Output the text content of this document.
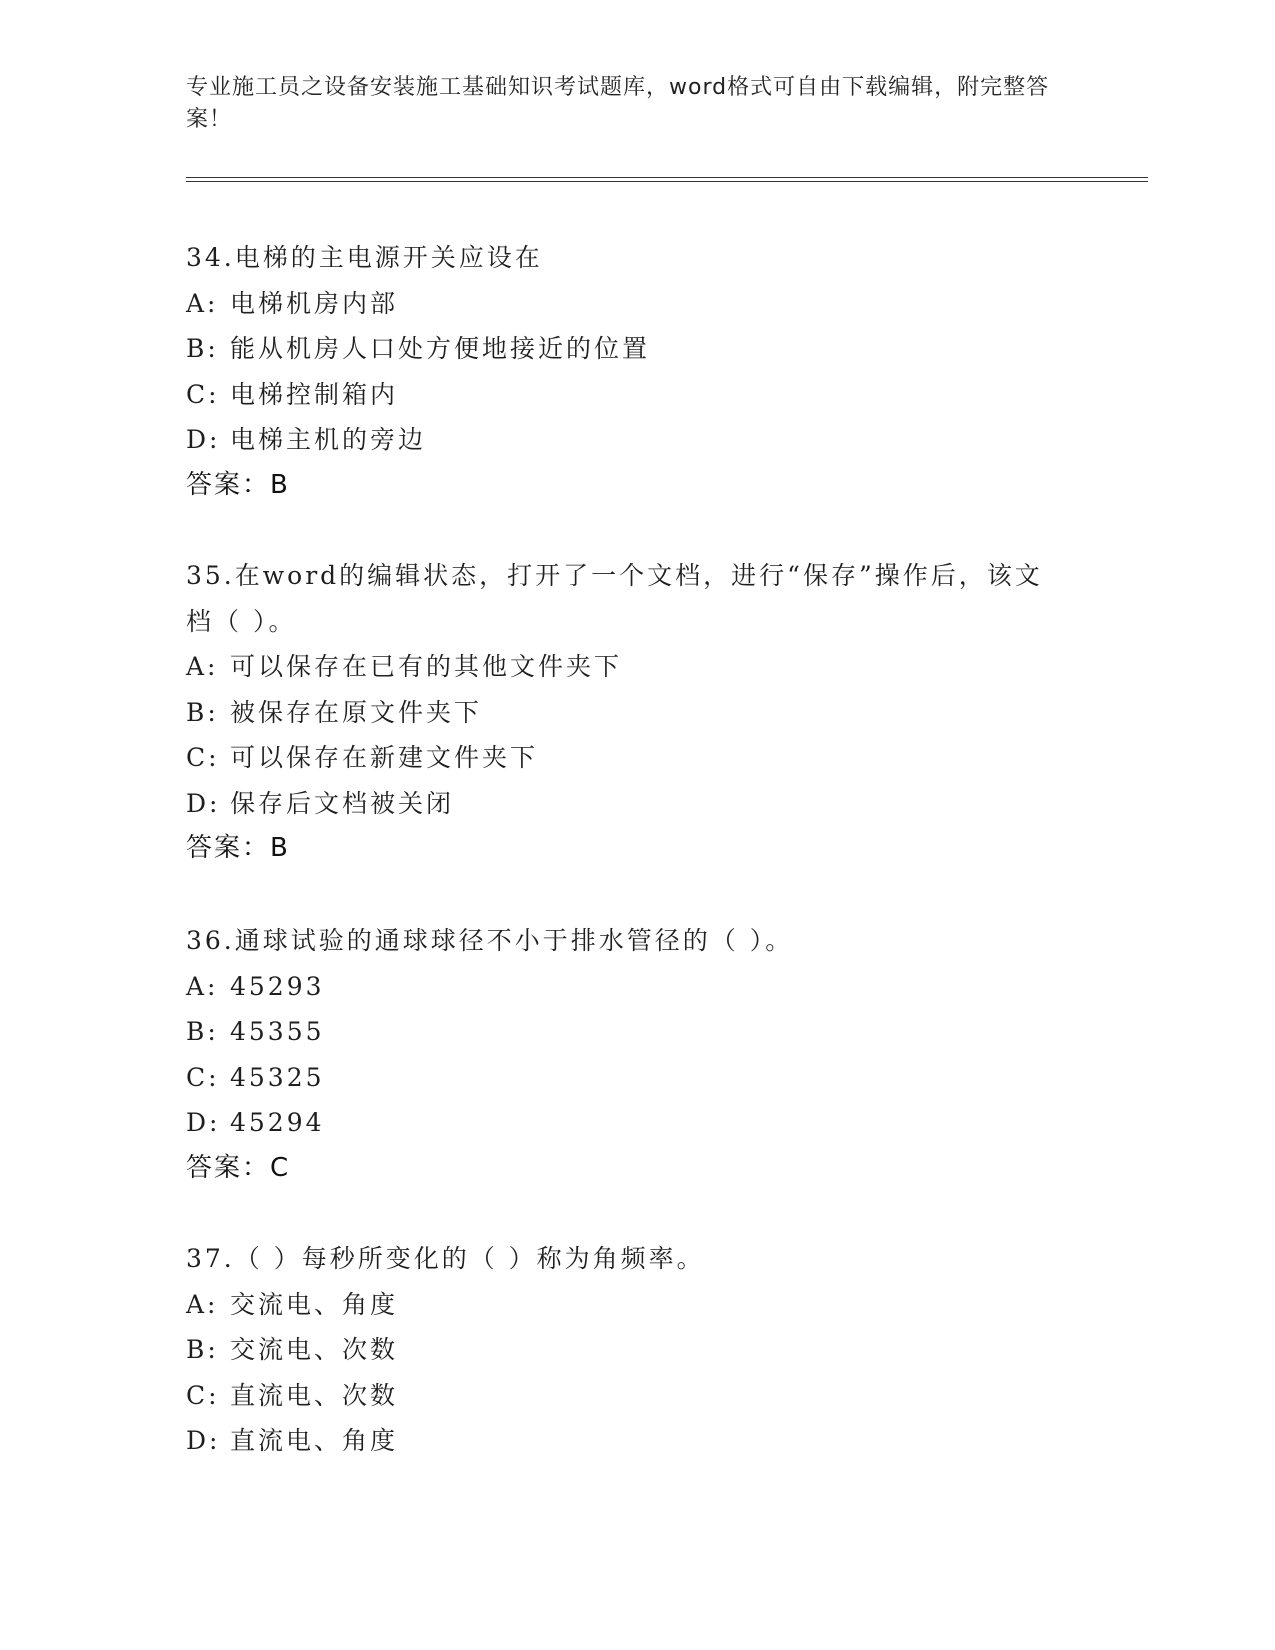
专业施工员之设备安装施工基础知识考试题库，word格式可自由下载编辑，附完整答案！

34.电梯的主电源开关应设在

A: 电梯机房内部

B: 能从机房人口处方便地接近的位置

C: 电梯控制箱内

D: 电梯主机的旁边

答案：B

35.在word的编辑状态，打开了一个文档，进行“保存”操作后，该文档（ ）。

A: 可以保存在已有的其他文件夹下

B: 被保存在原文件夹下

C: 可以保存在新建文件夹下

D: 保存后文档被关闭

答案：B

36.通球试验的通球球径不小于排水管径的（ ）。

A: 45293

B: 45355

C: 45325

D: 45294

答案：C

37.（ ）每秒所变化的（ ）称为角频率。

A: 交流电、角度

B: 交流电、次数

C: 直流电、次数

D: 直流电、角度
